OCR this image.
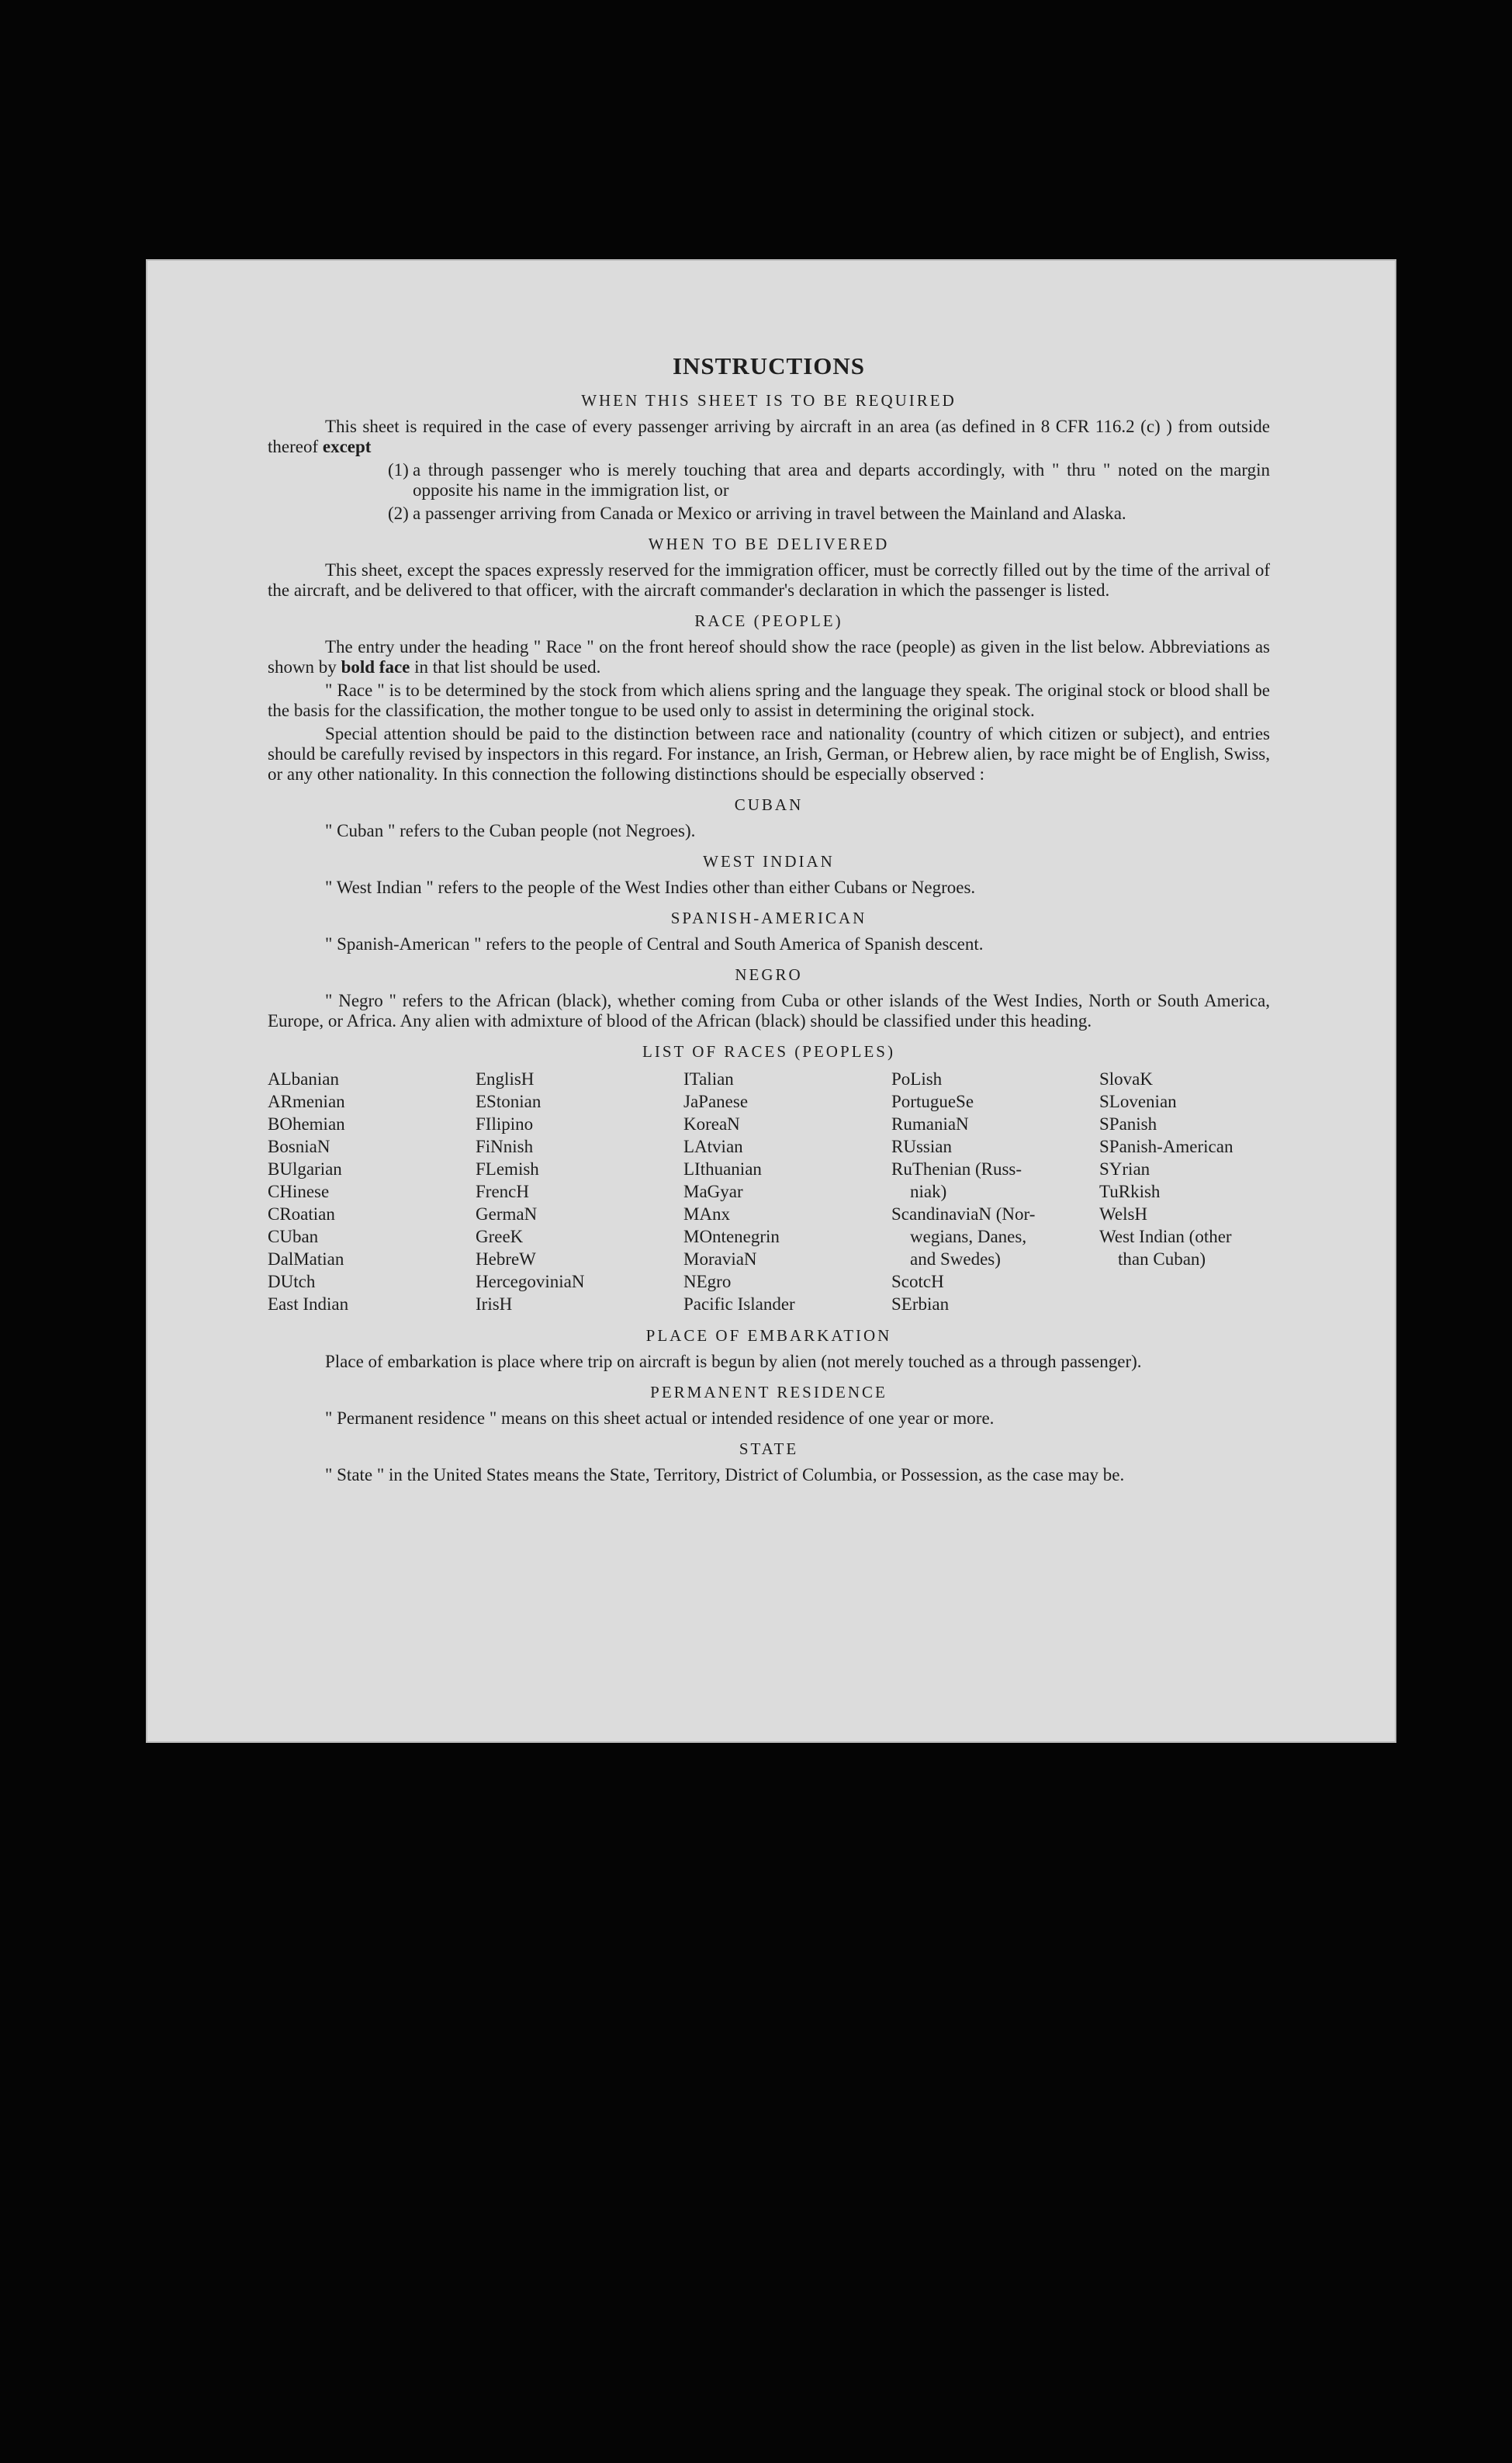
INSTRUCTIONS
WHEN THIS SHEET IS TO BE REQUIRED

This sheet is required in the case of every passenger arriving by aircraft in an area (as defined in 8 CFR 116.2 (c) ) from outside thereof except

(1) a through passenger who is merely touching that area and departs accordingly, with " thru " noted on the margin opposite his name in the immigration list, or
(2) a passenger arriving from Canada or Mexico or arriving in travel between the Mainland and Alaska.
WHEN TO BE DELIVERED

This sheet, except the spaces expressly reserved for the immigration officer, must be correctly filled out by the time of the arrival of the aircraft, and be delivered to that officer, with the aircraft commander's declaration in which the passenger is listed.

RACE (PEOPLE)

The entry under the heading " Race " on the front hereof should show the race (people) as given in the list below. Abbreviations as shown by bold face in that list should be used.

" Race " is to be determined by the stock from which aliens spring and the language they speak. The original stock or blood shall be the basis for the classification, the mother tongue to be used only to assist in determining the original stock.

Special attention should be paid to the distinction between race and nationality (country of which citizen or subject), and entries should be carefully revised by inspectors in this regard. For instance, an Irish, German, or Hebrew alien, by race might be of English, Swiss, or any other nationality. In this connection the following distinctions should be especially observed :

CUBAN

" Cuban " refers to the Cuban people (not Negroes).

WEST INDIAN

" West Indian " refers to the people of the West Indies other than either Cubans or Negroes.

SPANISH-AMERICAN

" Spanish-American " refers to the people of Central and South America of Spanish descent.

NEGRO

" Negro " refers to the African (black), whether coming from Cuba or other islands of the West Indies, North or South America, Europe, or Africa. Any alien with admixture of blood of the African (black) should be classified under this heading.

LIST OF RACES (PEOPLES)
ALbanian
ARmenian
BOhemian
BosniaN
BUlgarian
CHinese
CRoatian
CUban
DalMatian
DUtch
East Indian
EnglisH
EStonian
FIlipino
FiNnish
FLemish
FrencH
GermaN
GreeK
HebreW
HercegoviniaN
IrisH
ITalian
JaPanese
KoreaN
LAtvian
LIthuanian
MaGyar
MAnx
MOntenegrin
MoraviaN
NEgro
Pacific Islander
PoLish
PortugueSe
RumaniaN
RUssian
RuThenian (Russ-
niak)
ScandinaviaN (Nor-
wegians, Danes,
and Swedes)
ScotcH
SErbian
SlovaK
SLovenian
SPanish
SPanish-American
SYrian
TuRkish
WelsH
West Indian (other
than Cuban)
PLACE OF EMBARKATION

Place of embarkation is place where trip on aircraft is begun by alien (not merely touched as a through passenger).

PERMANENT RESIDENCE

" Permanent residence " means on this sheet actual or intended residence of one year or more.

STATE

" State " in the United States means the State, Territory, District of Columbia, or Possession, as the case may be.
